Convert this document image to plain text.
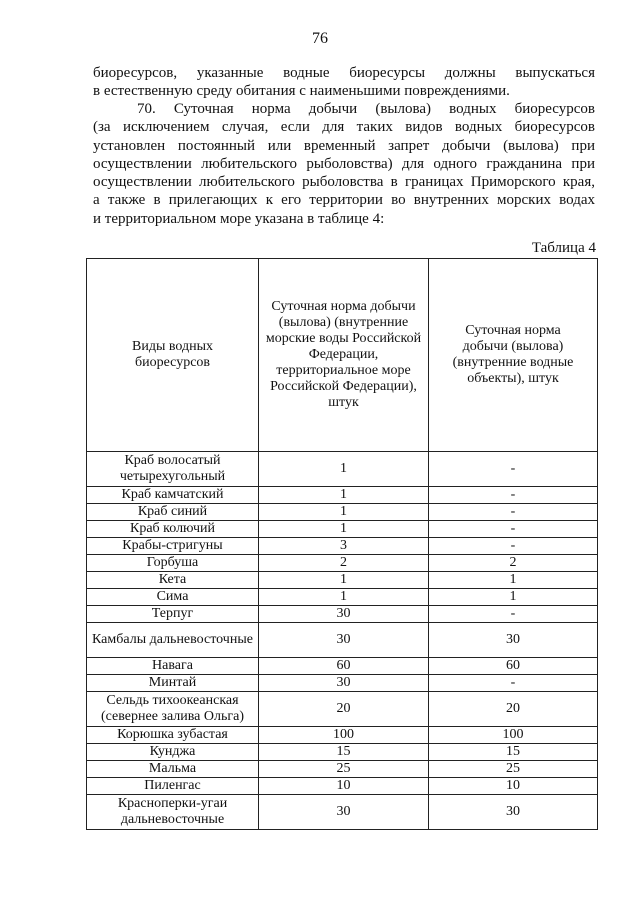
76
биоресурсов, указанные водные биоресурсы должны выпускаться
в естественную среду обитания с наименьшими повреждениями.
70. Суточная норма добычи (вылова) водных биоресурсов
(за исключением случая, если для таких видов водных биоресурсов
установлен постоянный или временный запрет добычи (вылова) при
осуществлении любительского рыболовства) для одного гражданина при
осуществлении любительского рыболовства в границах Приморского края,
а также в прилегающих к его территории во внутренних морских водах
и территориальном море указана в таблице 4:
Таблица 4
Виды водных биоресурсов	Суточная норма добычи (вылова) (внутренние морские воды Российской Федерации, территориальное море Российской Федерации), штук	Суточная норма добычи (вылова) (внутренние водные объекты), штук
Краб волосатый четырехугольный	1	-
Краб камчатский	1	-
Краб синий	1	-
Краб колючий	1	-
Крабы-стригуны	3	-
Горбуша	2	2
Кета	1	1
Сима	1	1
Терпуг	30	-
Камбалы дальневосточные	30	30
Навага	60	60
Минтай	30	-
Сельдь тихоокеанская (севернее залива Ольга)	20	20
Корюшка зубастая	100	100
Кунджа	15	15
Мальма	25	25
Пиленгас	10	10
Красноперки-угаи дальневосточные	30	30
